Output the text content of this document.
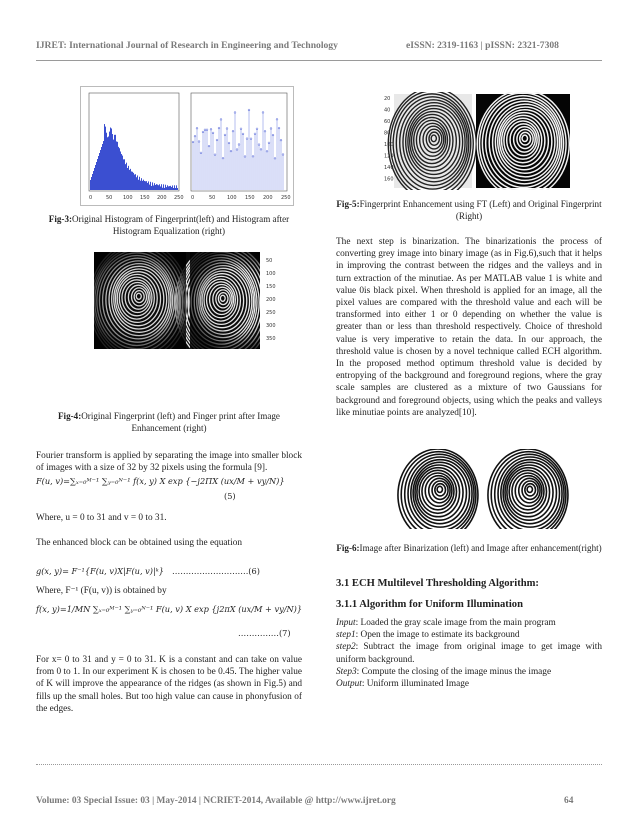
IJRET: International Journal of Research in Engineering and Technology	eISSN: 2319-1163 | pISSN: 2321-7308
0	0
50	50
100	100
150	150
200	200
250	250
Fig-3:Original Histogram of Fingerprint(left) and Histogram after Histogram Equalization (right)
50
100
150
200
250
300
350
Fig-4:Original Fingerprint (left) and Finger print after Image Enhancement (right)
Fourier transform is applied by separating the image into smaller block of images with a size of 32 by 32 pixels using the formula [9].
F(u, v)=∑ₓ₌₀ᴹ⁻¹ ∑ᵧ₌₀ᴺ⁻¹ f(x, y) X exp {−j2ΠX (ux/M + vy/N)}
(5)
Where, u = 0 to 31 and v = 0 to 31.
The enhanced block can be obtained using the equation
g(x, y)= F⁻¹{F(u, v)X|F(u, v)|ᵏ} ……………………….(6)
Where, F⁻¹ (F(u, v)) is obtained by
f(x, y)=1/MN ∑ₓ₌₀ᴹ⁻¹ ∑ᵧ₌₀ᴺ⁻¹ F(u, v) X exp {j2πX (ux/M + vy/N)}
……………(7)
For x= 0 to 31 and y = 0 to 31. K is a constant and can take on value from 0 to 1. In our experiment K is chosen to be 0.45. The higher value of K will improve the appearance of the ridges (as shown in Fig.5) and fills up the small holes. But too high value can cause in phonyfusion of the edges.
20
40
60
80
100
120
140
160
Fig-5:Fingerprint Enhancement using FT (Left) and Original Fingerprint (Right)
The next step is binarization. The binarizationis the process of converting grey image into binary image (as in Fig.6),such that it helps in improving the contrast between the ridges and the valleys and in turn extraction of the minutiae. As per MATLAB value 1 is white and value 0is black pixel. When threshold is applied for an image, all the pixel values are compared with the threshold value and each will be transformed into either 1 or 0 depending on whether the value is greater than or less than threshold respectively. Choice of threshold value is very imperative to retain the data. In our approach, the threshold value is chosen by a novel technique called ECH algorithm. In the proposed method optimum threshold value is decided by entropying of the background and foreground regions, where the gray scale samples are clustered as a mixture of two Gaussians for background and foreground objects, using which the peaks and valleys like minutiae points are analyzed[10].
Fig-6:Image after Binarization (left) and Image after enhancement(right)
3.1 ECH Multilevel Thresholding Algorithm:
3.1.1 Algorithm for Uniform Illumination
Input: Loaded the gray scale image from the main program
step1: Open the image to estimate its background
step2: Subtract the image from original image to get image with uniform background.
Step3: Compute the closing of the image minus the image
Output: Uniform illuminated Image
Volume: 03 Special Issue: 03 | May-2014 | NCRIET-2014, Available @ http://www.ijret.org	64
